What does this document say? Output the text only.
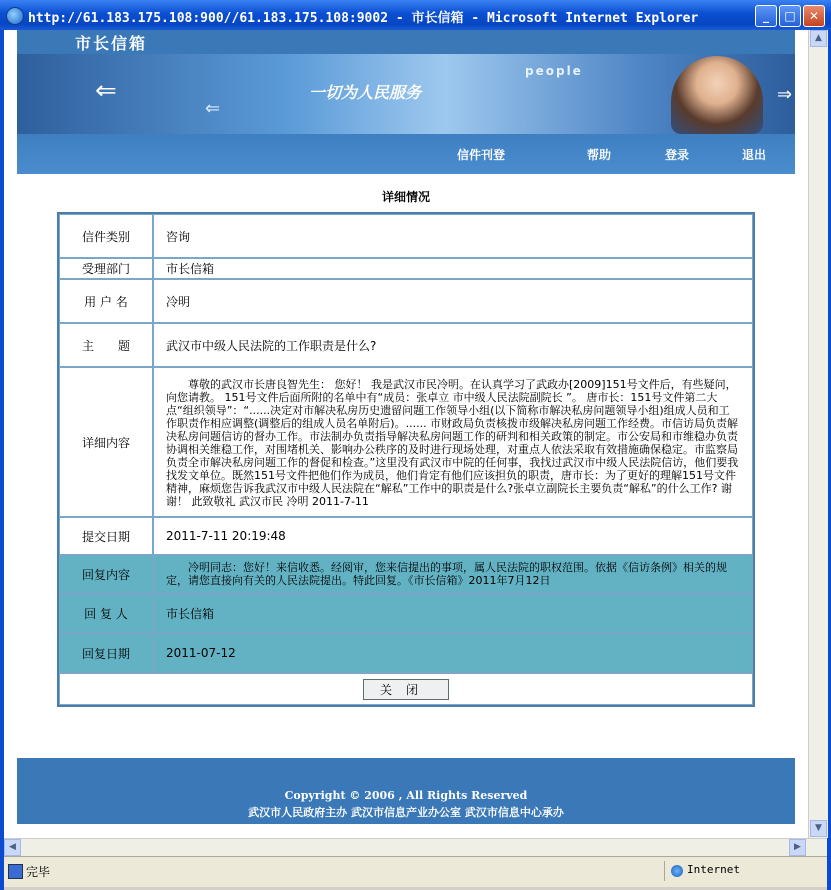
http://61.183.175.108:900//61.183.175.108:9002 - 市长信箱 - Microsoft Internet Explorer	_	□	✕
市长信箱
⇐
⇐
一切为人民服务
people
⇒
信件刊登	帮助	登录	退出
详细情况
信件类别	咨询
受理部门	市长信箱
用 户 名	冷明
主　　题	武汉市中级人民法院的工作职责是什么?
详细内容	　　尊敬的武汉市长唐良智先生： 您好！ 我是武汉市民冷明。在认真学习了武政办[2009]151号文件后，有些疑问，向您请教。 151号文件后面所附的名单中有“成员：张卓立 市中级人民法院副院长 ”。 唐市长：151号文件第二大点“组织领导”：“......决定对市解决私房历史遗留问题工作领导小组(以下简称市解决私房问题领导小组)组成人员和工作职责作相应调整(调整后的组成人员名单附后)。...... 市财政局负责核拨市级解决私房问题工作经费。市信访局负责解决私房问题信访的督办工作。市法制办负责指导解决私房问题工作的研判和相关政策的制定。市公安局和市维稳办负责协调相关维稳工作，对围堵机关、影响办公秩序的及时进行现场处理，对重点人依法采取有效措施确保稳定。市监察局负责全市解决私房问题工作的督促和检查。”这里没有武汉市中院的任何事，我找过武汉市中级人民法院信访，他们要我找发文单位。既然151号文件把他们作为成员，他们肯定有他们应该担负的职责，唐市长：为了更好的理解151号文件精神，麻烦您告诉我武汉市中级人民法院在“解私”工作中的职责是什么?张卓立副院长主要负责“解私”的什么工作? 谢谢！ 此致敬礼 武汉市民 冷明 2011-7-11
提交日期	2011-7-11 20:19:48
回复内容	　　冷明同志：您好！来信收悉。经阅审，您来信提出的事项，属人民法院的职权范围。依据《信访条例》相关的规定，请您直接向有关的人民法院提出。特此回复。《市长信箱》2011年7月12日
回 复 人	市长信箱
回复日期	2011-07-12
关闭	
Copyright © 2006 , All Rights Reserved
武汉市人民政府主办 武汉市信息产业办公室 武汉市信息中心承办
▲
▼
◀	▶
完毕	Internet
